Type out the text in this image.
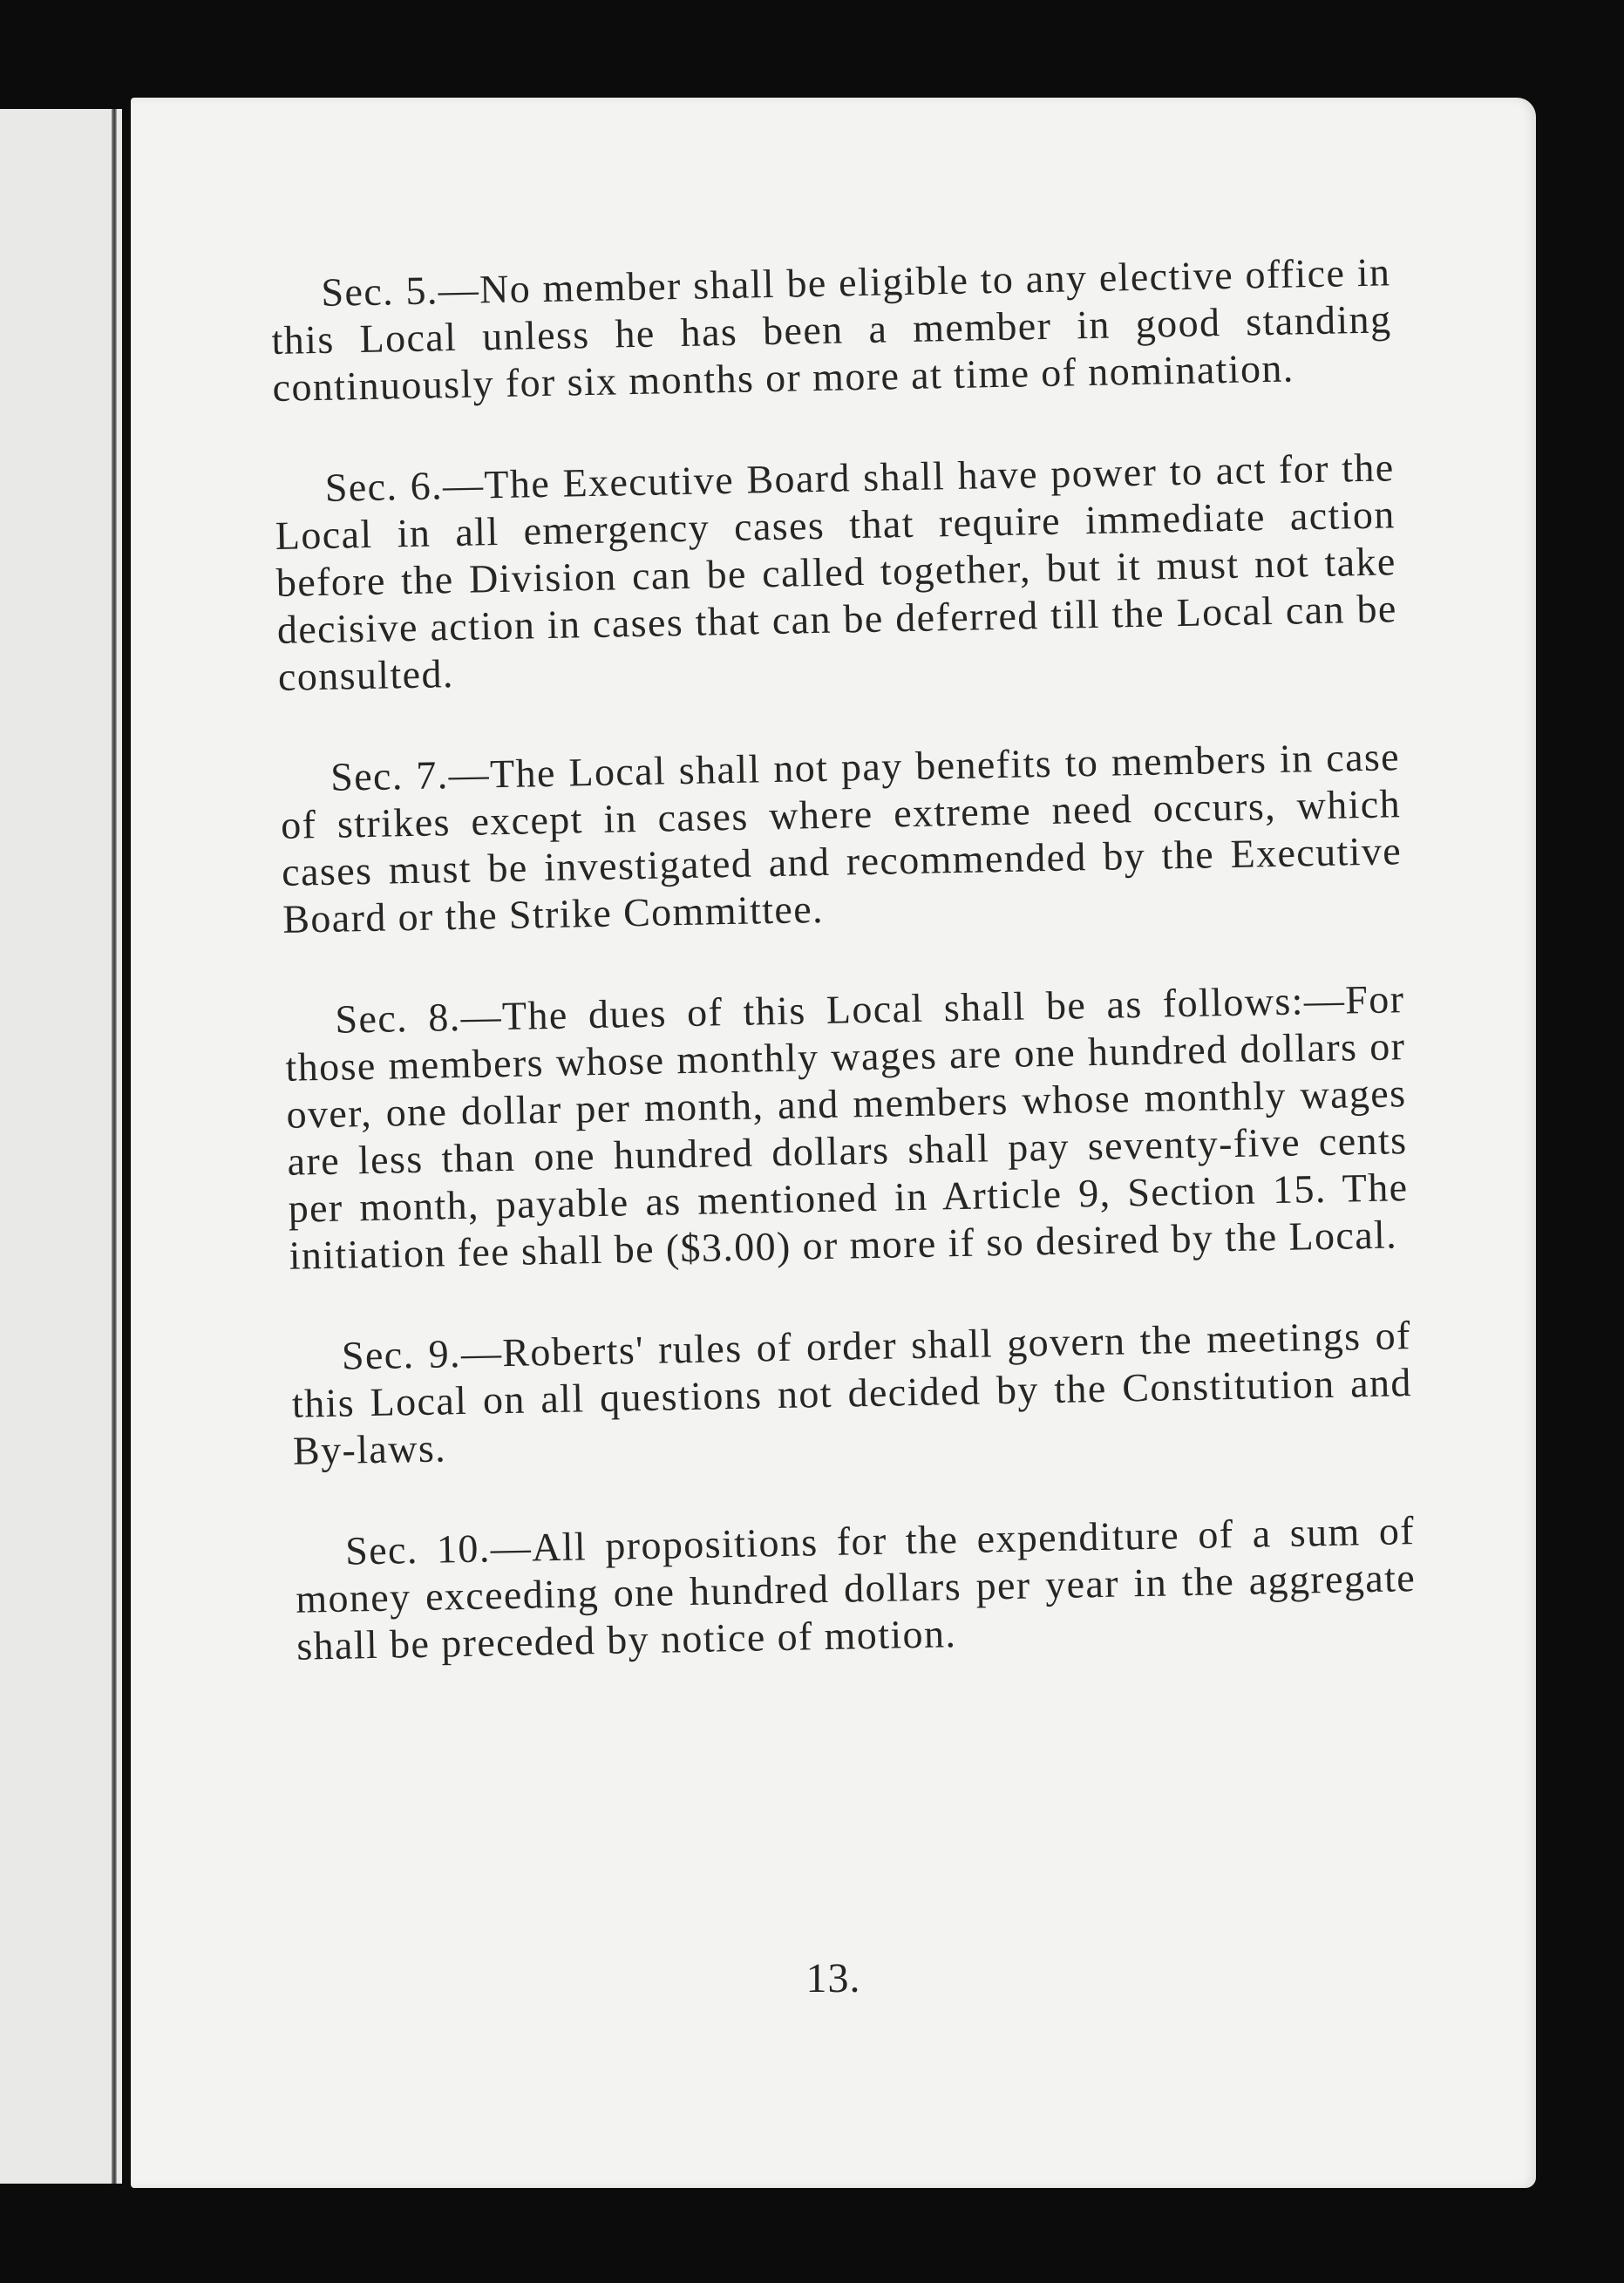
Sec. 5.—No member shall be eligible to any elective office in this Local unless he has been a member in good standing continuously for six months or more at time of nomination.

Sec. 6.—The Executive Board shall have power to act for the Local in all emergency cases that require immediate action before the Division can be called together, but it must not take decisive action in cases that can be deferred till the Local can be consulted.

Sec. 7.—The Local shall not pay benefits to members in case of strikes except in cases where extreme need occurs, which cases must be investigated and recommended by the Executive Board or the Strike Committee.

Sec. 8.—The dues of this Local shall be as follows:—For those members whose monthly wages are one hundred dollars or over, one dollar per month, and members whose monthly wages are less than one hundred dollars shall pay seventy-five cents per month, payable as mentioned in Article 9, Section 15. The initiation fee shall be ($3.00) or more if so desired by the Local.

Sec. 9.—Roberts' rules of order shall govern the meetings of this Local on all questions not decided by the Constitution and By-laws.

Sec. 10.—All propositions for the expenditure of a sum of money exceeding one hundred dollars per year in the aggregate shall be preceded by notice of motion.

13.
